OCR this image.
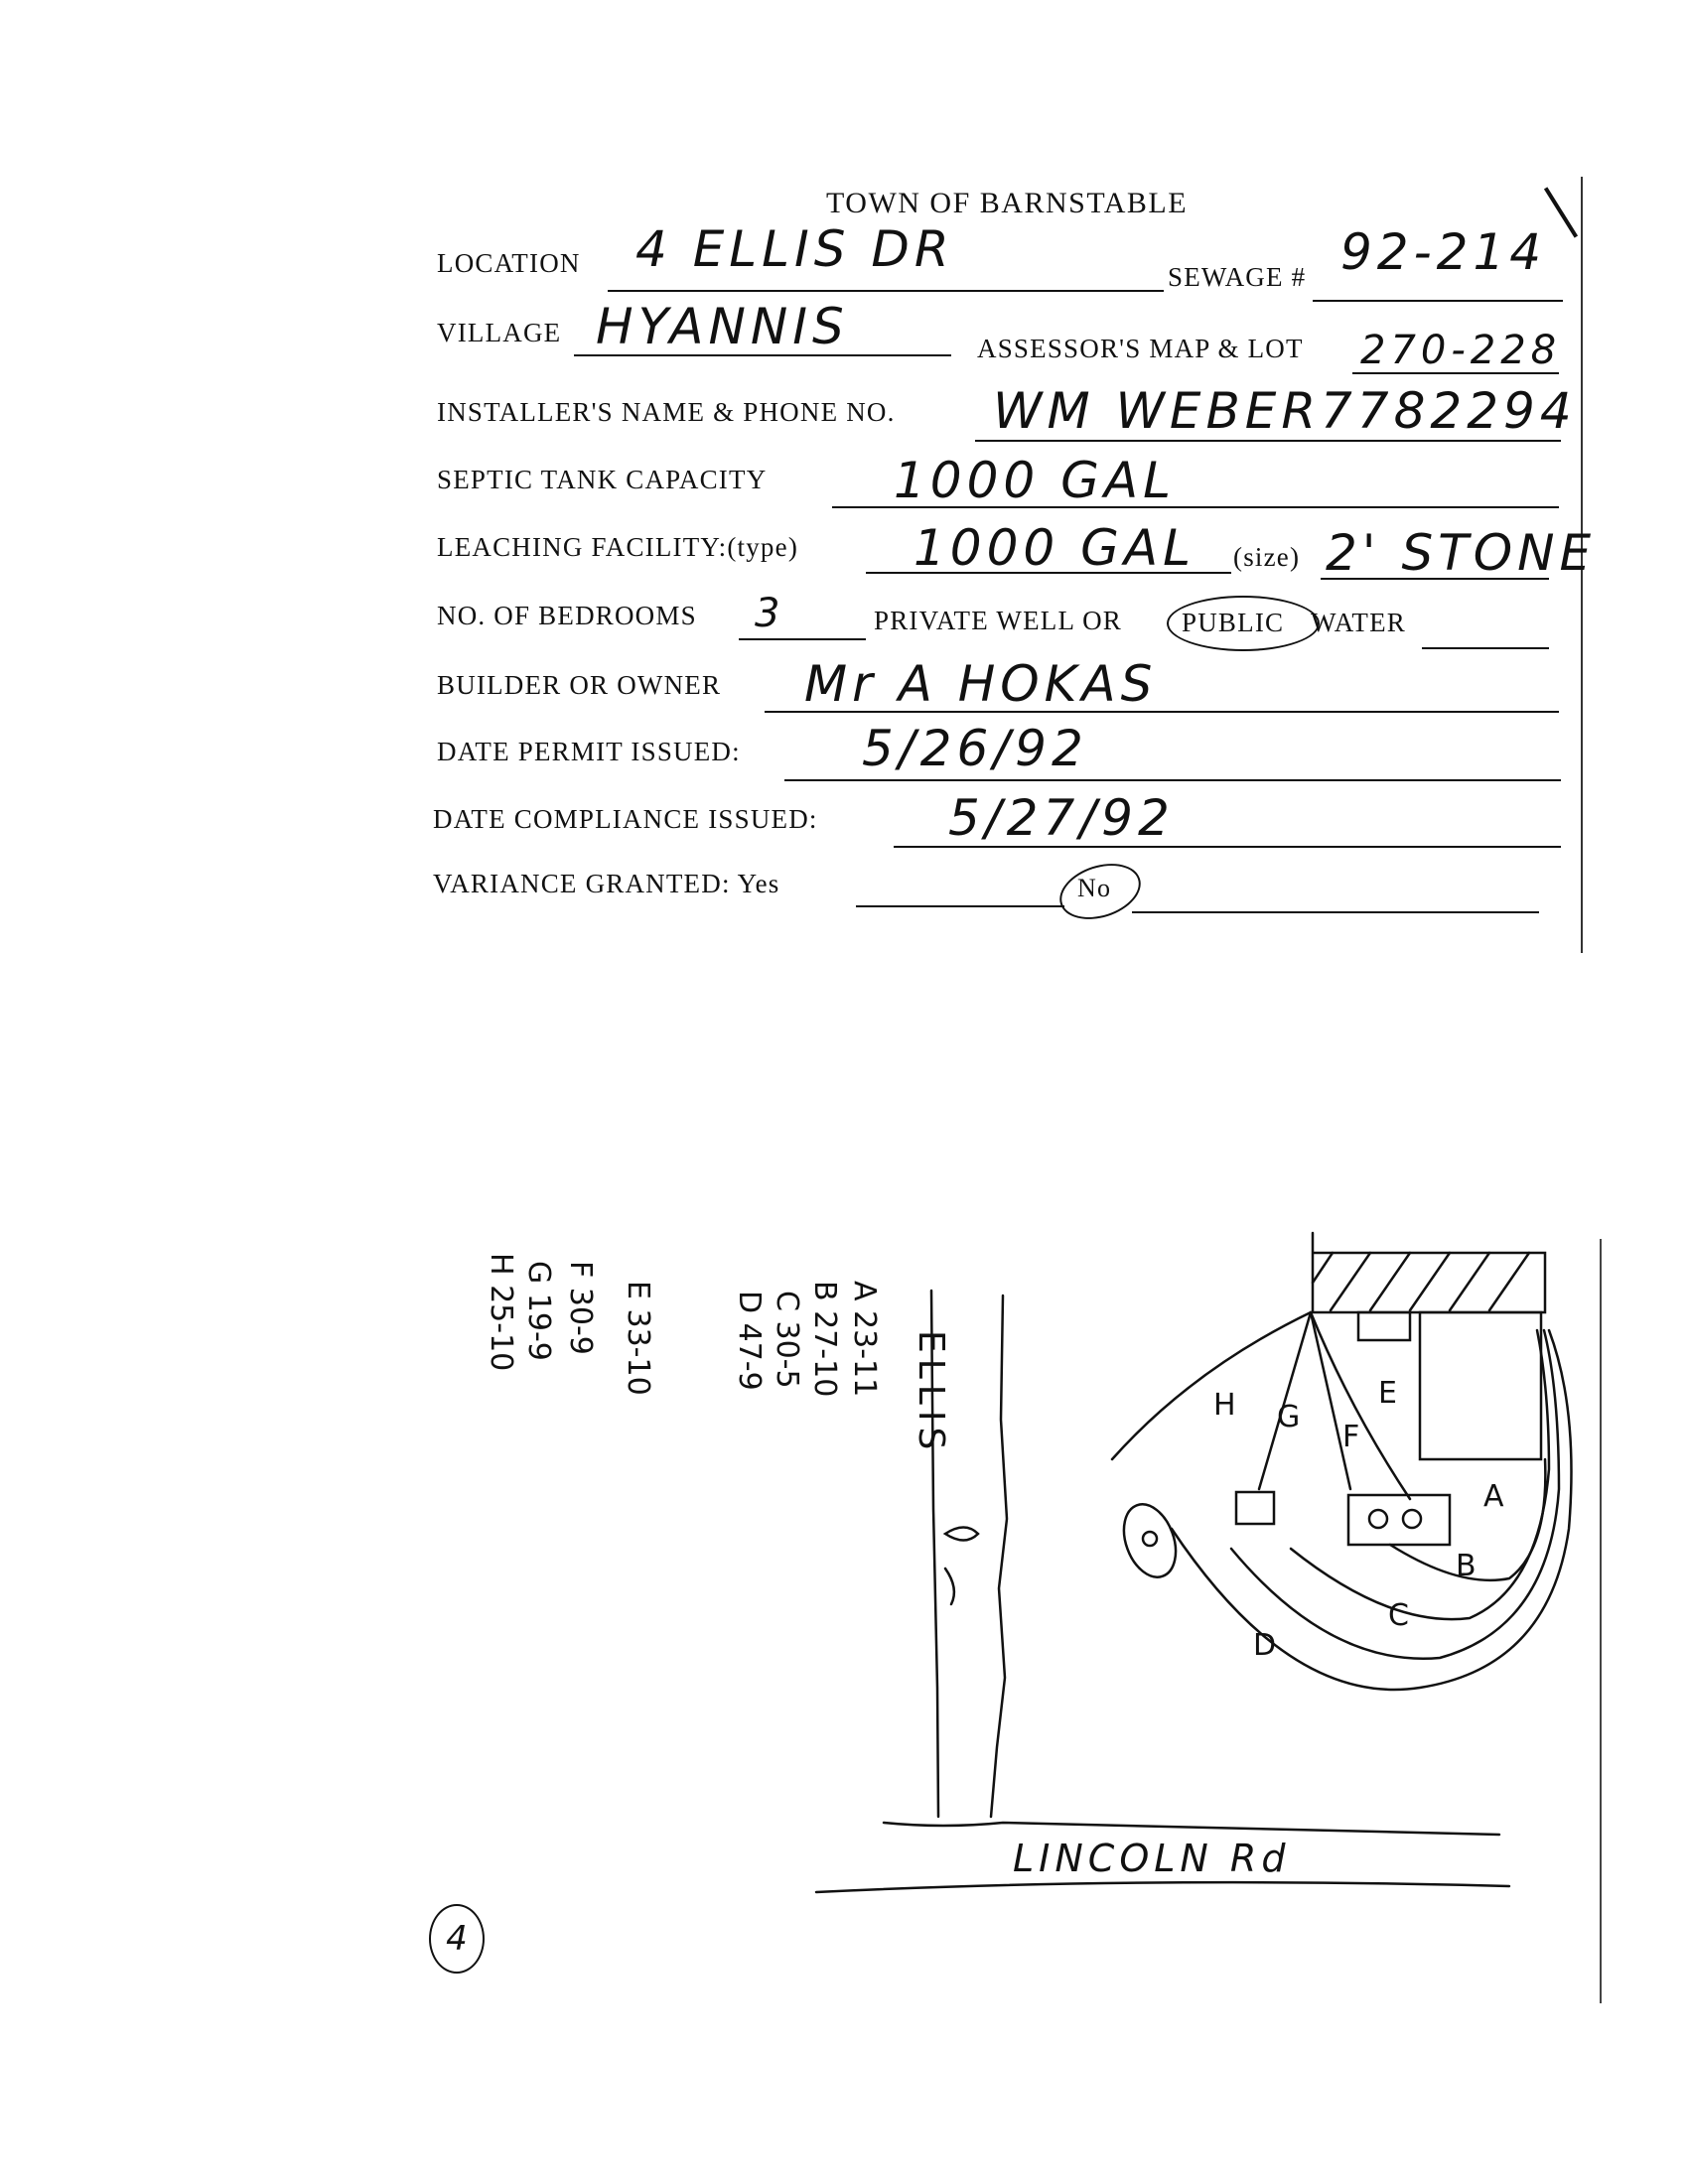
TOWN OF BARNSTABLE
LOCATION 4 ELLIS DR	SEWAGE # 92-214
VILLAGE HYANNIS	ASSESSOR'S MAP & LOT 270-228
INSTALLER'S NAME & PHONE NO. WM WEBER 7782294
SEPTIC TANK CAPACITY	1000 GAL
LEACHING FACILITY:(type) 1000 GAL (size) 2' STONE
NO. OF BEDROOMS 3	PRIVATE WELL OR PUBLIC WATER
BUILDER OR OWNER Mr A HOKAS
DATE PERMIT ISSUED: 5/26/92
DATE COMPLIANCE ISSUED:	5/27/92
VARIANCE GRANTED: Yes	No
ELLIS
LINCOLN Rd
A 23-11
B 27-10
C 30-5
D 47-9
E 33-10
F 30-9
G 19-9
H 25-10
H G
F
E
A
B
C
D
4
